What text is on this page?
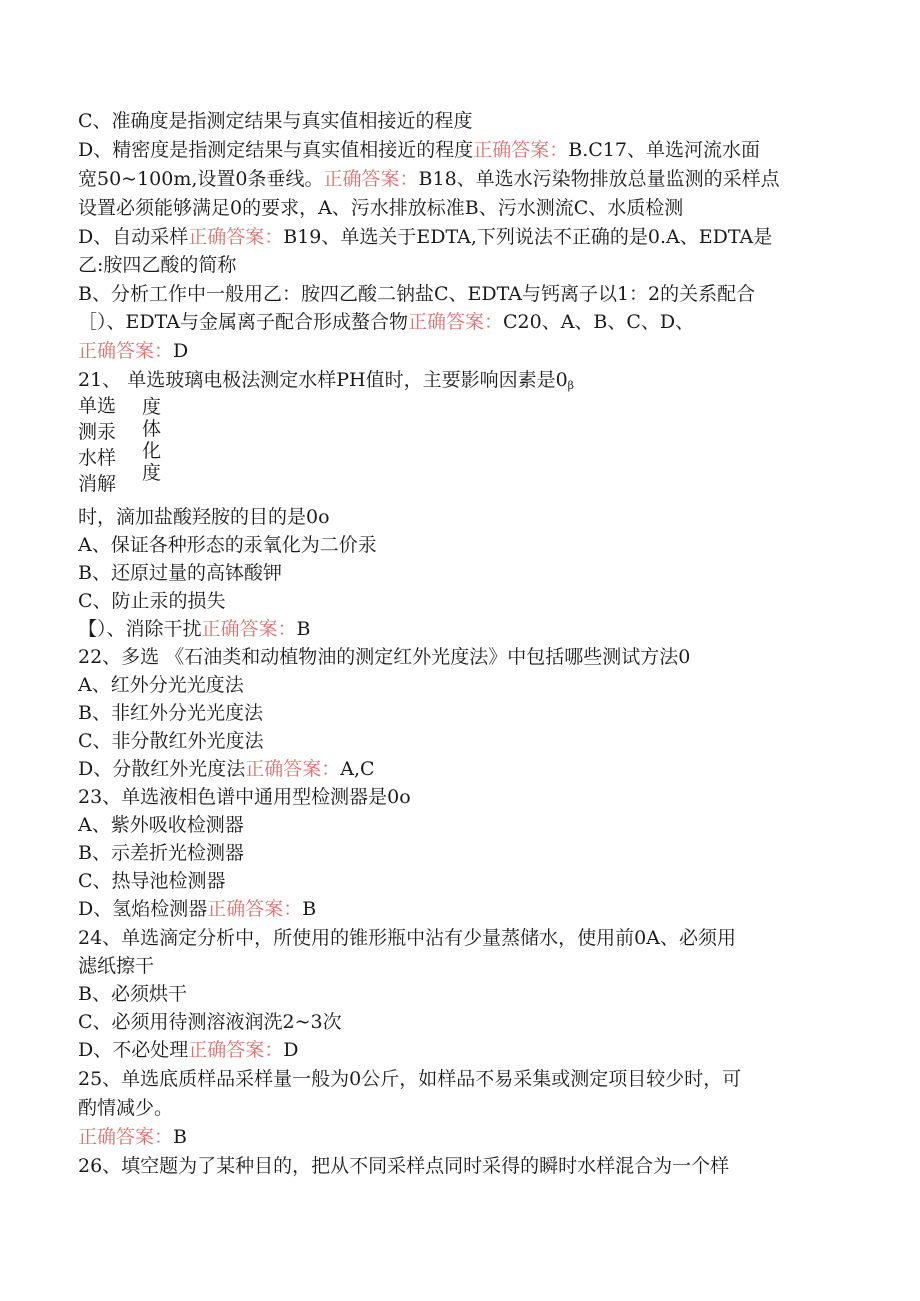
C、准确度是指测定结果与真实值相接近的程度
D、精密度是指测定结果与真实值相接近的程度正确答案：B.C17、单选河流水面
宽50~100m,设置0条垂线。正确答案：B18、单选水污染物排放总量监测的采样点
设置必须能够满足0的要求，A、污水排放标准B、污水测流C、水质检测
D、自动采样正确答案：B19、单选关于EDTA,下列说法不正确的是0.A、EDTA是
乙:胺四乙酸的简称
B、分析工作中一般用乙：胺四乙酸二钠盐C、EDTA与钙离子以1：2的关系配合
［）、EDTA与金属离子配合形成螯合物正确答案：C20、A、B、C、D、
正确答案：D
21、 单选玻璃电极法测定水样PH值时，主要影响因素是$0_\beta$
单选
测汞
水样
消解
度
体
化
度
时，滴加盐酸羟胺的目的是0o
A、保证各种形态的汞氧化为二价汞
B、还原过量的高钵酸钾
C、防止汞的损失
【）、消除干扰正确答案：B
22、多选 《石油类和动植物油的测定红外光度法》中包括哪些测试方法0
A、红外分光光度法
B、非红外分光光度法
C、非分散红外光度法
D、分散红外光度法正确答案：A,C
23、单选液相色谱中通用型检测器是0o
A、紫外吸收检测器
B、示差折光检测器
C、热导池检测器
D、氢焰检测器正确答案：B
24、单选滴定分析中，所使用的锥形瓶中沾有少量蒸储水，使用前0A、必须用
滤纸擦干
B、必须烘干
C、必须用待测溶液润洗2~3次
D、不必处理正确答案：D
25、单选底质样品采样量一般为0公斤，如样品不易采集或测定项目较少时，可
酌情减少。
正确答案：B
26、填空题为了某种目的，把从不同采样点同时采得的瞬时水样混合为一个样
